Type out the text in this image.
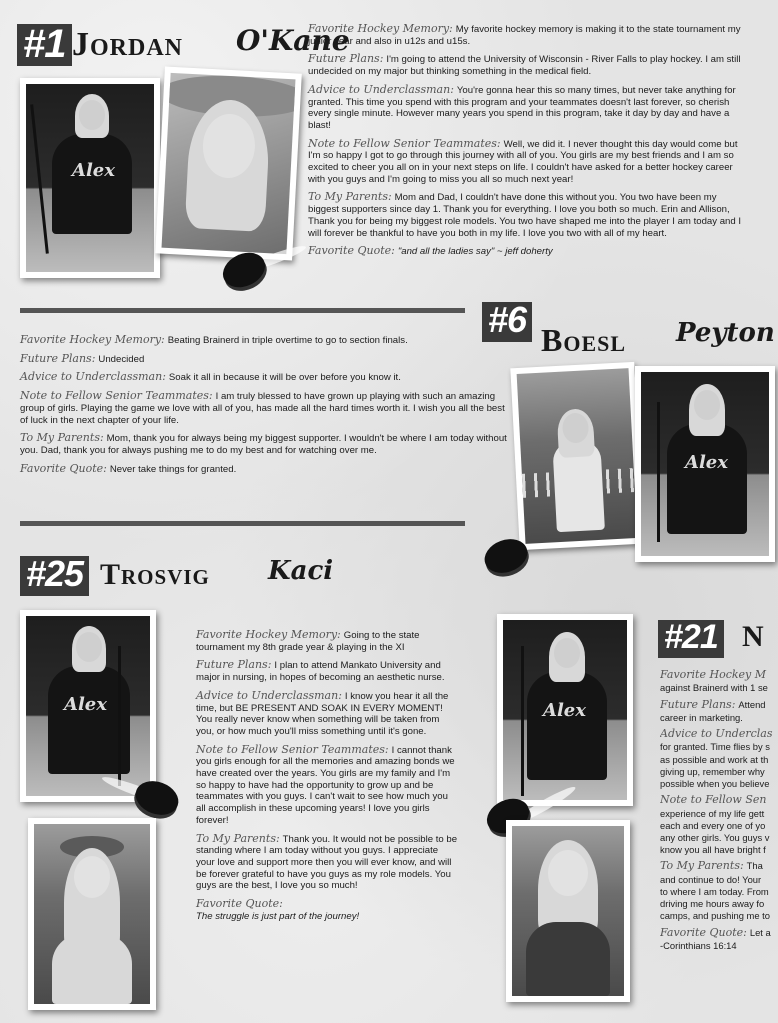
#1 Jordan O'Kane
Alex

Favorite Hockey Memory: My favorite hockey memory is making it to the state tournament my junior year and also in u12s and u15s.

Future Plans: I'm going to attend the University of Wisconsin - River Falls to play hockey. I am still undecided on my major but thinking something in the medical field.

Advice to Underclassman: You're gonna hear this so many times, but never take anything for granted. This time you spend with this program and your teammates doesn't last forever, so cherish every single minute. However many years you spend in this program, take it day by day and have a blast!

Note to Fellow Senior Teammates: Well, we did it. I never thought this day would come but I'm so happy I got to go through this journey with all of you. You girls are my best friends and I am so excited to cheer you all on in your next steps on life. I couldn't have asked for a better hockey career with you guys and I'm going to miss you all so much next year!

To My Parents: Mom and Dad, I couldn't have done this without you. You two have been my biggest supporters since day 1. Thank you for everything. I love you both so much. Erin and Allison, Thank you for being my biggest role models. You two have shaped me into the player I am today and I will forever be thankful to have you both in my life. I love you two with all of my heart.

Favorite Quote: "and all the ladies say" ~ jeff doherty

#6 Boesl Peyton

Favorite Hockey Memory: Beating Brainerd in triple overtime to go to section finals.

Future Plans: Undecided

Advice to Underclassman: Soak it all in because it will be over before you know it.

Note to Fellow Senior Teammates: I am truly blessed to have grown up playing with such an amazing group of girls. Playing the game we love with all of you, has made all the hard times worth it. I wish you all the best of luck in the next chapter of your life.

To My Parents: Mom, thank you for always being my biggest supporter. I wouldn't be where I am today without you. Dad, thank you for always pushing me to do my best and for watching over me.

Favorite Quote: Never take things for granted.	Alex
#25 Trosvig Kaci
Alex

Favorite Hockey Memory: Going to the state tournament my 8th grade year & playing in the XI

Future Plans: I plan to attend Mankato University and major in nursing, in hopes of becoming an aesthetic nurse.

Advice to Underclassman: I know you hear it all the time, but BE PRESENT AND SOAK IN EVERY MOMENT! You really never know when something will be taken from you, or how much you'll miss something until it's gone.

Note to Fellow Senior Teammates: I cannot thank you girls enough for all the memories and amazing bonds we have created over the years. You girls are my family and I'm so happy to have had the opportunity to grow up and be teammates with you guys. I can't wait to see how much you all accomplish in these upcoming years! I love you girls forever!

To My Parents: Thank you. It would not be possible to be standing where I am today without you guys. I appreciate your love and support more then you will ever know, and will be forever grateful to have you guys as my role models. You guys are the best, I love you so much!

Favorite Quote:
The struggle is just part of the journey!

Alex
#21 N
Favorite Hockey M
against Brainerd with 1 se
Future Plans: Attend
career in marketing.
Advice to Underclas
for granted. Time flies by s
as possible and work at th
giving up, remember why
possible when you believe
Note to Fellow Sen
experience of my life gett
each and every one of yo
any other girls. You guys v
know you all have bright f
To My Parents: Tha
and continue to do! Your
to where I am today. From
driving me hours away fo
camps, and pushing me to
Favorite Quote: Let a
-Corinthians 16:14
